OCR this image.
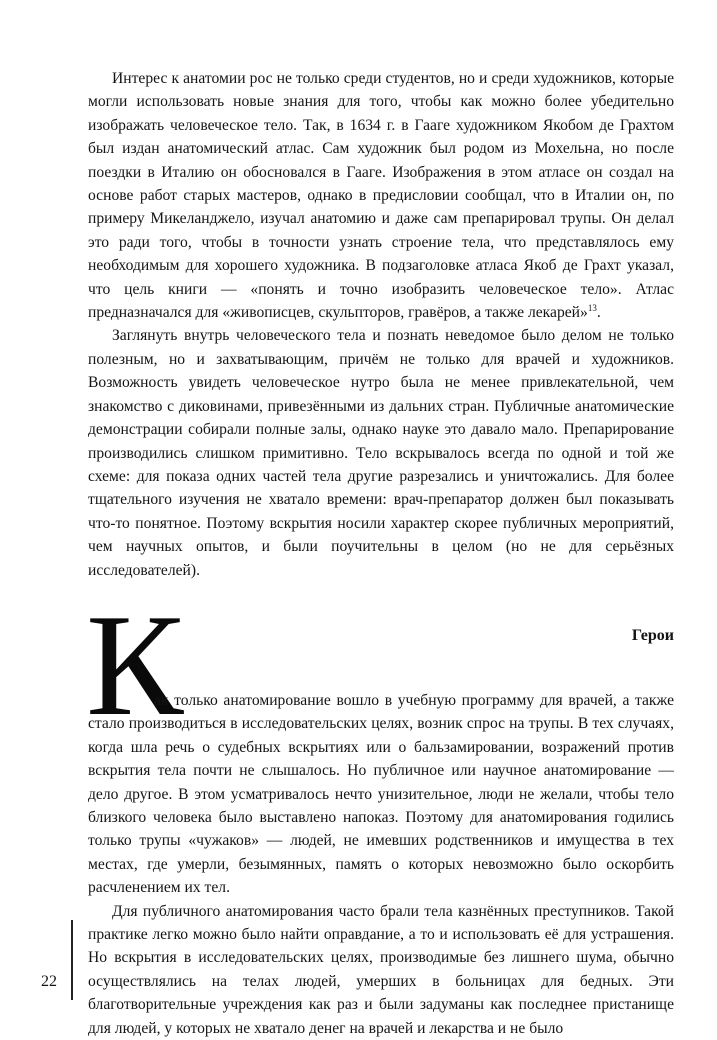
Интерес к анатомии рос не только среди студентов, но и среди художников, которые могли использовать новые знания для того, чтобы как можно более убедительно изображать человеческое тело. Так, в 1634 г. в Гааге художником Якобом де Грахтом был издан анатомический атлас. Сам художник был родом из Мохельна, но после поездки в Италию он обосновался в Гааге. Изображения в этом атласе он создал на основе работ старых мастеров, однако в предисловии сообщал, что в Италии он, по примеру Микеланджело, изучал анатомию и даже сам препарировал трупы. Он делал это ради того, чтобы в точности узнать строение тела, что представлялось ему необходимым для хорошего художника. В подзаголовке атласа Якоб де Грахт указал, что цель книги — «понять и точно изобразить человеческое тело». Атлас предназначался для «живописцев, скульпторов, гравёров, а также лекарей»$^{13}$.

Заглянуть внутрь человеческого тела и познать неведомое было делом не только полезным, но и захватывающим, причём не только для врачей и художников. Возможность увидеть человеческое нутро была не менее привлекательной, чем знакомство с диковинами, привезёнными из дальних стран. Публичные анатомические демонстрации собирали полные залы, однако науке это давало мало. Препарирование производились слишком примитивно. Тело вскрывалось всегда по одной и той же схеме: для показа одних частей тела другие разрезались и уничтожались. Для более тщательного изучения не хватало времени: врач-препаратор должен был показывать что-то понятное. Поэтому вскрытия носили характер скорее публичных мероприятий, чем научных опытов, и были поучительны в целом (но не для серьёзных исследователей).

Герои
К

ак только анатомирование вошло в учебную программу для врачей, а также стало производиться в исследовательских целях, возник спрос на трупы. В тех случаях, когда шла речь о судебных вскрытиях или о бальзамировании, возражений против вскрытия тела почти не слышалось. Но публичное или научное анатомирование — дело другое. В этом усматривалось нечто унизительное, люди не желали, чтобы тело близкого человека было выставлено напоказ. Поэтому для анатомирования годились только трупы «чужаков» — людей, не имевших родственников и имущества в тех местах, где умерли, безымянных, память о которых невозможно было оскорбить расчленением их тел.

Для публичного анатомирования часто брали тела казнённых преступников. Такой практике легко можно было найти оправдание, а то и использовать её для устрашения. Но вскрытия в исследовательских целях, производимые без лишнего шума, обычно осуществлялись на телах людей, умерших в больницах для бедных. Эти благотворительные учреждения как раз и были задуманы как последнее пристанище для людей, у которых не хватало денег на врачей и лекарства и не было

22
